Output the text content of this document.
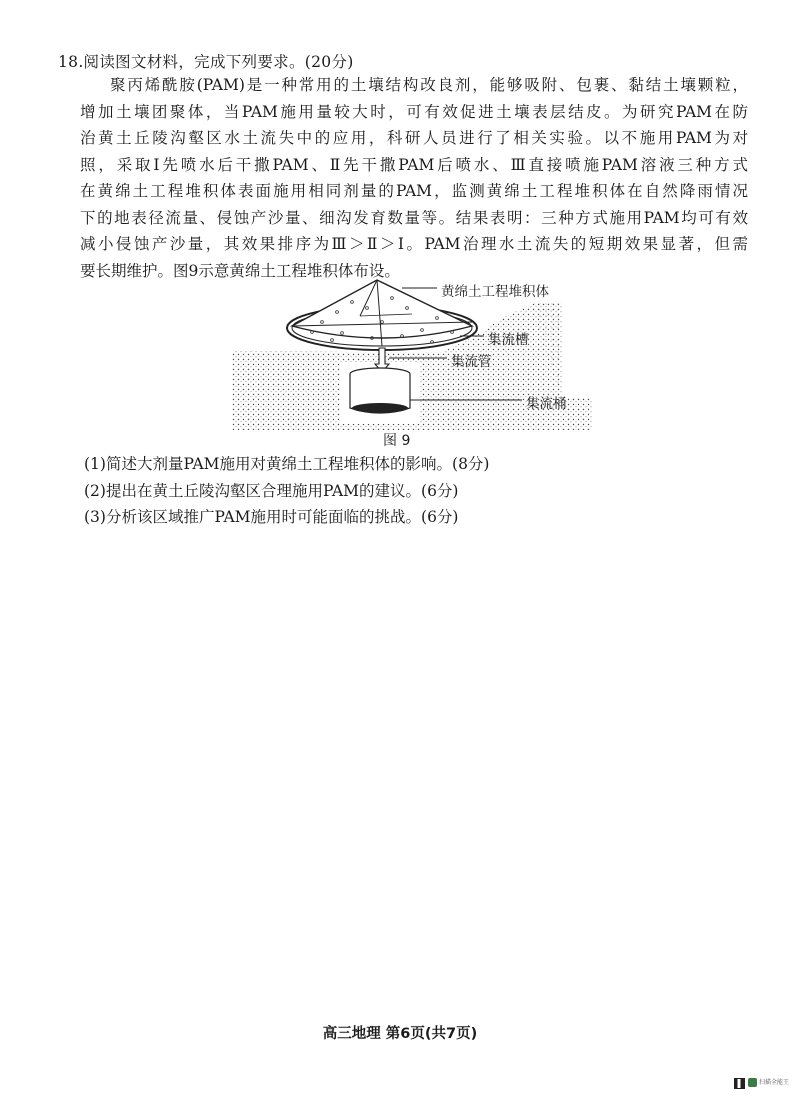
18.阅读图文材料，完成下列要求。(20分)
聚丙烯酰胺(PAM)是一种常用的土壤结构改良剂，能够吸附、包裹、黏结土壤颗粒，
增加土壤团聚体，当PAM施用量较大时，可有效促进土壤表层结皮。为研究PAM在防
治黄土丘陵沟壑区水土流失中的应用，科研人员进行了相关实验。以不施用PAM为对
照，采取Ⅰ先喷水后干撒PAM、Ⅱ先干撒PAM后喷水、Ⅲ直接喷施PAM溶液三种方式
在黄绵土工程堆积体表面施用相同剂量的PAM，监测黄绵土工程堆积体在自然降雨情况
下的地表径流量、侵蚀产沙量、细沟发育数量等。结果表明：三种方式施用PAM均可有效
减小侵蚀产沙量，其效果排序为Ⅲ＞Ⅱ＞Ⅰ。PAM治理水土流失的短期效果显著，但需
要长期维护。图9示意黄绵土工程堆积体布设。
黄绵土工程堆积体
集流槽
集流管
集流桶
图 9
(1)简述大剂量PAM施用对黄绵土工程堆积体的影响。(8分)
(2)提出在黄土丘陵沟壑区合理施用PAM的建议。(6分)
(3)分析该区域推广PAM施用时可能面临的挑战。(6分)
高三地理 第6页(共7页)
扫描全能王
